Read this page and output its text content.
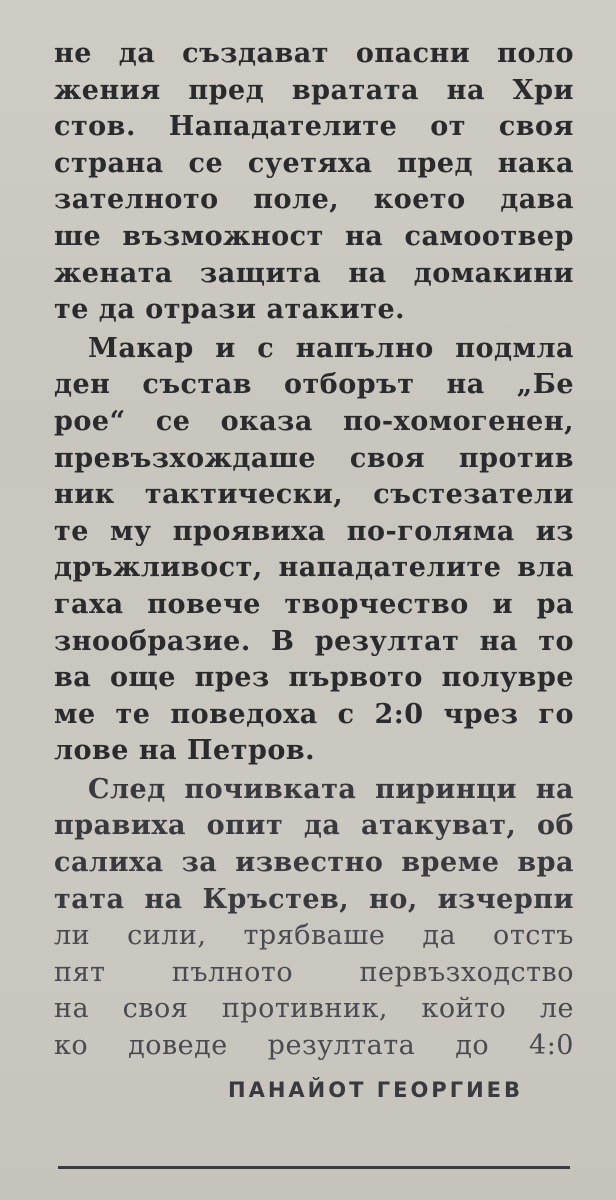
не да създават опасни поло
жения пред вратата на Хри
стов. Нападателите от своя
страна се суетяха пред нака
зателното поле, което дава
ше възможност на самоотвер
жената защита на домакини
те да отрази атаките.
Макар и с напълно подмла
ден състав отборът на „Бе
рое“ се оказа по-хомогенен,
превъзхождаше своя против
ник тактически, състезатели
те му проявиха по-голяма из
дръжливост, нападателите вла
гаха повече творчество и ра
знообразие. В резултат на то
ва още през първото полувре
ме те поведоха с 2:0 чрез го
лове на Петров.
След почивката пиринци на
правиха опит да атакуват, об
салиха за известно време вра
тата на Кръстев, но, изчерпи
ли сили, трябваше да отстъ
пят пълното первъзходство
на своя противник, който ле
ко доведе резултата до 4:0
ПАНАЙОТ ГЕОРГИЕВ
